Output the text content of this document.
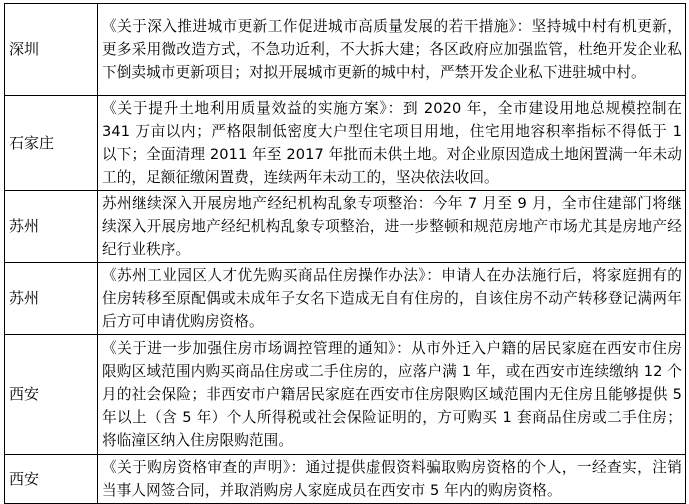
深圳	《关于深入推进城市更新工作促进城市高质量发展的若干措施》：坚持城中村有机更新，更多采用微改造方式，不急功近利，不大拆大建；各区政府应加强监管，杜绝开发企业私下倒卖城市更新项目；对拟开展城市更新的城中村，严禁开发企业私下进驻城中村。
石家庄	《关于提升土地利用质量效益的实施方案》：到 2020 年，全市建设用地总规模控制在 341 万亩以内；严格限制低密度大户型住宅项目用地，住宅用地容积率指标不得低于 1 以下；全面清理 2011 年至 2017 年批而未供土地。对企业原因造成土地闲置满一年未动工的，足额征缴闲置费，连续两年未动工的，坚决依法收回。
苏州	苏州继续深入开展房地产经纪机构乱象专项整治：今年 7 月至 9 月，全市住建部门将继续深入开展房地产经纪机构乱象专项整治，进一步整顿和规范房地产市场尤其是房地产经纪行业秩序。
苏州	《苏州工业园区人才优先购买商品住房操作办法》：申请人在办法施行后，将家庭拥有的住房转移至原配偶或未成年子女名下造成无自有住房的，自该住房不动产转移登记满两年后方可申请优购房资格。
西安	《关于进一步加强住房市场调控管理的通知》：从市外迁入户籍的居民家庭在西安市住房限购区域范围内购买商品住房或二手住房的，应落户满 1 年，或在西安市连续缴纳 12 个月的社会保险；非西安市户籍居民家庭在西安市住房限购区域范围内无住房且能够提供 5 年以上（含 5 年）个人所得税或社会保险证明的，方可购买 1 套商品住房或二手住房；将临潼区纳入住房限购范围。
西安	《关于购房资格审查的声明》：通过提供虚假资料骗取购房资格的个人，一经查实，注销当事人网签合同，并取消购房人家庭成员在西安市 5 年内的购房资格。
